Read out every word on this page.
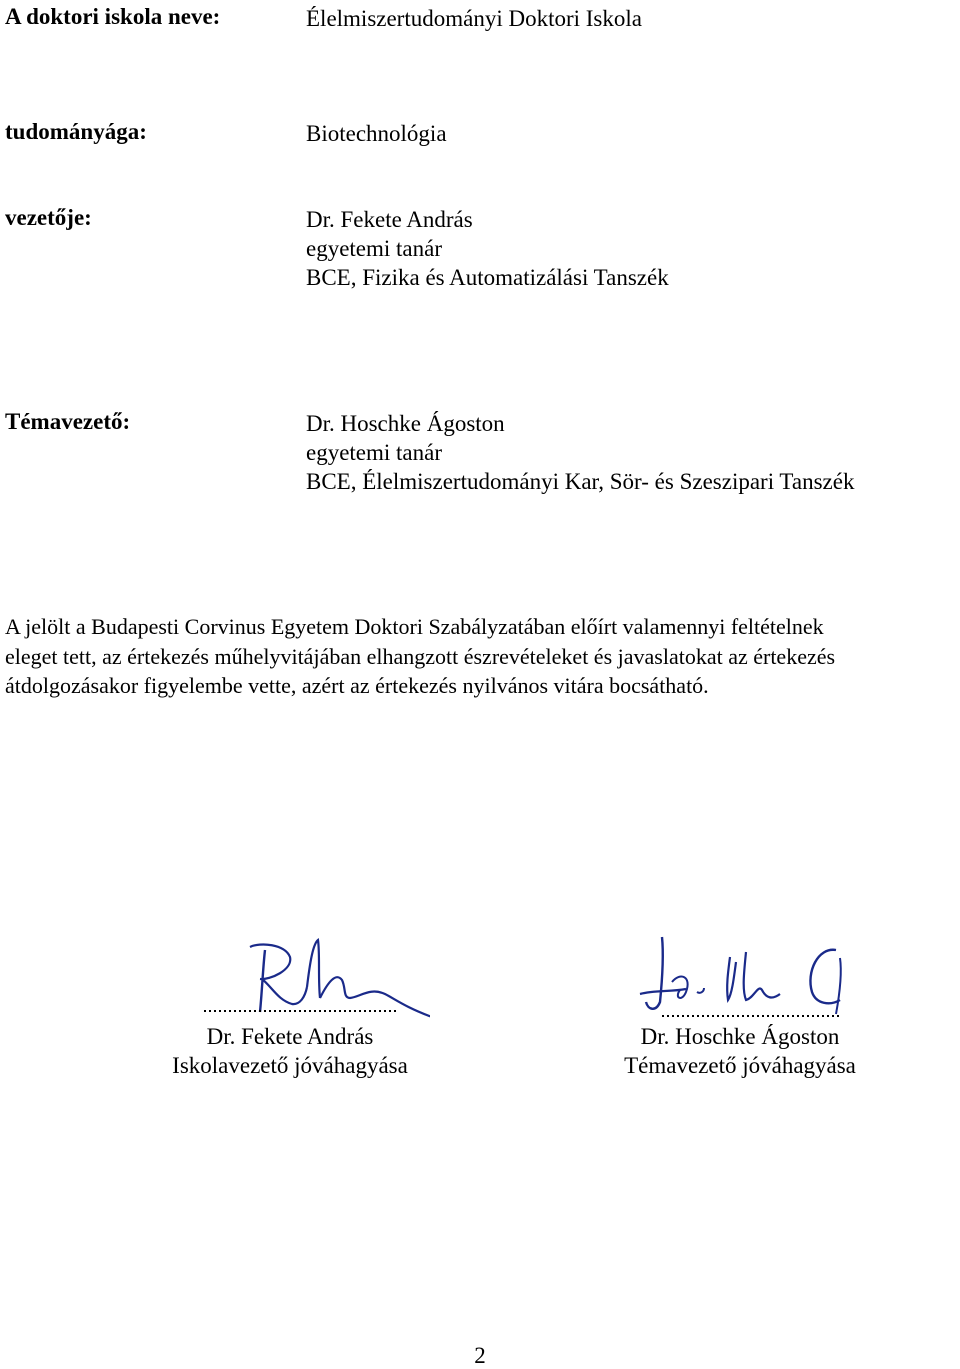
A doktori iskola neve:	Élelmiszertudományi Doktori Iskola
tudományága:	Biotechnológia
vezetője:	Dr. Fekete András
egyetemi tanár
BCE, Fizika és Automatizálási Tanszék
Témavezető:	Dr. Hoschke Ágoston
egyetemi tanár
BCE, Élelmiszertudományi Kar, Sör- és Szeszipari Tanszék
A jelölt a Budapesti Corvinus Egyetem Doktori Szabályzatában előírt valamennyi feltételnek
eleget tett, az értekezés műhelyvitájában elhangzott észrevételeket és javaslatokat az értekezés
átdolgozásakor figyelembe vette, azért az értekezés nyilvános vitára bocsátható.
Dr. Fekete András
Iskolavezető jóváhagyása
Dr. Hoschke Ágoston
Témavezető jóváhagyása
2
